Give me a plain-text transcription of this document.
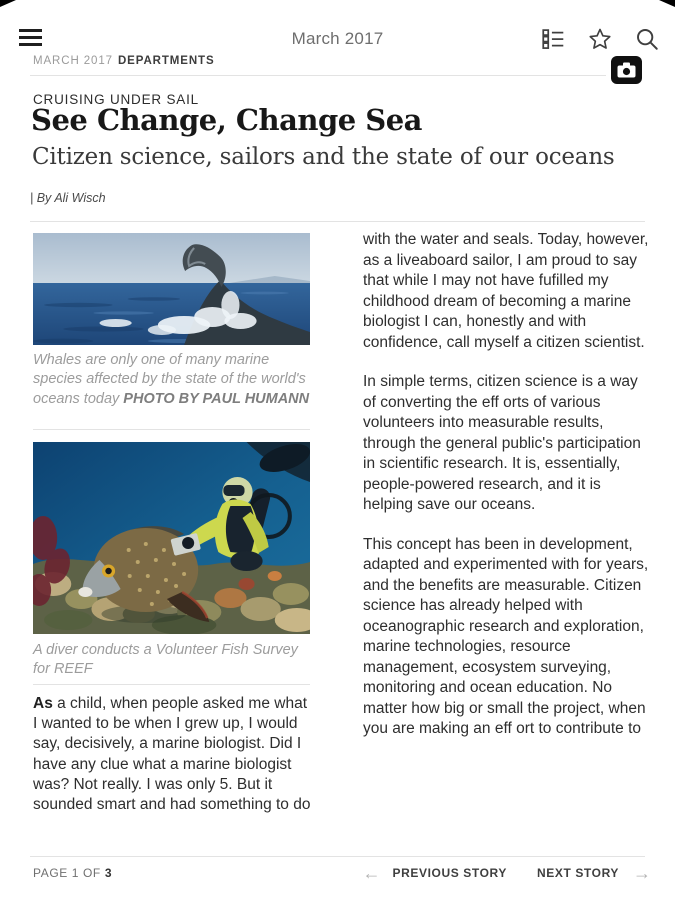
March 2017
MARCH 2017 DEPARTMENTS
CRUISING UNDER SAIL
See Change, Change Sea
Citizen science, sailors and the state of our oceans
| By Ali Wisch
Whales are only one of many marine species affected by the state of the world's oceans today PHOTO BY PAUL HUMANN
A diver conducts a Volunteer Fish Survey for REEF
As a child, when people asked me what I wanted to be when I grew up, I would say, decisively, a marine biologist. Did I have any clue what a marine biologist was? Not really. I was only 5. But it sounded smart and had something to do

with the water and seals. Today, however, as a liveaboard sailor, I am proud to say that while I may not have fufilled my childhood dream of becoming a marine biologist I can, honestly and with confidence, call myself a citizen scientist.

In simple terms, citizen science is a way of converting the eff orts of various volunteers into measurable results, through the general public's participation in scientific research. It is, essentially, people-powered research, and it is helping save our oceans.

This concept has been in development, adapted and experimented with for years, and the benefits are measurable. Citizen science has already helped with oceanographic research and exploration, marine technologies, resource management, ecosystem surveying, monitoring and ocean education. No matter how big or small the project, when you are making an eff ort to contribute to

PAGE 1 OF 3	← PREVIOUS STORY	NEXT STORY →
